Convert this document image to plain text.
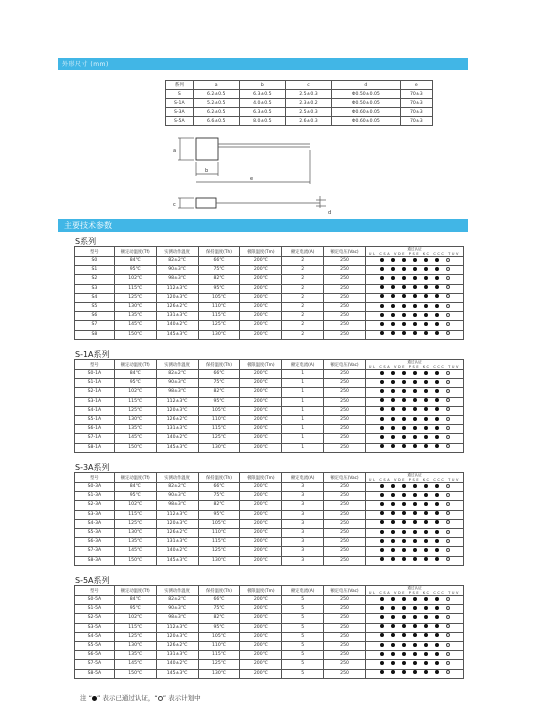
外形尺寸 (mm)
系列	a	b	c	d	e
S	6.2±0.5	6.3±0.5	2.5±0.3	Φ0.50±0.05	70±3
S-1A	5.2±0.5	4.0±0.5	2.3±0.2	Φ0.50±0.05	70±3
S-3A	6.2±0.5	6.3±0.5	2.5±0.3	Φ0.60±0.05	70±3
S-5A	6.6±0.5	8.0±0.5	2.6±0.3	Φ0.60±0.05	70±3
a
b
e
c
d
主要技术参数
S系列
型号	额定动温度(Tf)	实测动作温度	保持温度(Th)	极限温度(Tm)	额定电流(A)	额定电压(Vac)	通过认证
UL CSA VDE PSE KC CCC TUV

S0	84℃	82±2℃	66℃	200℃	2	250	
S1	95℃	90±3℃	75℃	200℃	2	250	
S2	102℃	98±3℃	82℃	200℃	2	250	
S3	115℃	112±3℃	95℃	200℃	2	250	
S4	125℃	120±3℃	105℃	200℃	2	250	
S5	130℃	126±2℃	110℃	200℃	2	250	
S6	135℃	131±3℃	115℃	200℃	2	250	
S7	145℃	140±2℃	125℃	200℃	2	250	
S8	150℃	145±3℃	130℃	200℃	2	250	
S-1A系列
型号	额定动温度(Tf)	实测动作温度	保持温度(Th)	极限温度(Tm)	额定电流(A)	额定电压(Vac)	通过认证
UL CSA VDE PSE KC CCC TUV

S0-1A	84℃	82±2℃	66℃	200℃	1	250	
S1-1A	95℃	90±3℃	75℃	200℃	1	250	
S2-1A	102℃	98±3℃	82℃	200℃	1	250	
S3-1A	115℃	112±3℃	95℃	200℃	1	250	
S4-1A	125℃	120±3℃	105℃	200℃	1	250	
S5-1A	130℃	126±2℃	110℃	200℃	1	250	
S6-1A	135℃	131±3℃	115℃	200℃	1	250	
S7-1A	145℃	140±2℃	125℃	200℃	1	250	
S8-1A	150℃	145±3℃	130℃	200℃	1	250	
S-3A系列
型号	额定动温度(Tf)	实测动作温度	保持温度(Th)	极限温度(Tm)	额定电流(A)	额定电压(Vac)	通过认证
UL CSA VDE PSE KC CCC TUV

S0-3A	84℃	82±2℃	66℃	200℃	3	250	
S1-3A	95℃	90±3℃	75℃	200℃	3	250	
S2-3A	102℃	98±3℃	82℃	200℃	3	250	
S3-3A	115℃	112±3℃	95℃	200℃	3	250	
S4-3A	125℃	120±3℃	105℃	200℃	3	250	
S5-3A	130℃	126±2℃	110℃	200℃	3	250	
S6-3A	135℃	131±3℃	115℃	200℃	3	250	
S7-3A	145℃	140±2℃	125℃	200℃	3	250	
S8-3A	150℃	145±3℃	130℃	200℃	3	250	
S-5A系列
型号	额定动温度(Tf)	实测动作温度	保持温度(Th)	极限温度(Tm)	额定电流(A)	额定电压(Vac)	通过认证
UL CSA VDE PSE KC CCC TUV

S0-5A	84℃	82±2℃	66℃	200℃	5	250	
S1-5A	95℃	90±3℃	75℃	200℃	5	250	
S2-5A	102℃	98±3℃	82℃	200℃	5	250	
S3-5A	115℃	112±3℃	95℃	200℃	5	250	
S4-5A	125℃	120±3℃	105℃	200℃	5	250	
S5-5A	130℃	126±2℃	110℃	200℃	5	250	
S6-5A	135℃	131±3℃	115℃	200℃	5	250	
S7-5A	145℃	140±2℃	125℃	200℃	5	250	
S8-5A	150℃	145±3℃	130℃	200℃	5	250	
注 “ ” 表示已通过认证，“ ” 表示计划中
